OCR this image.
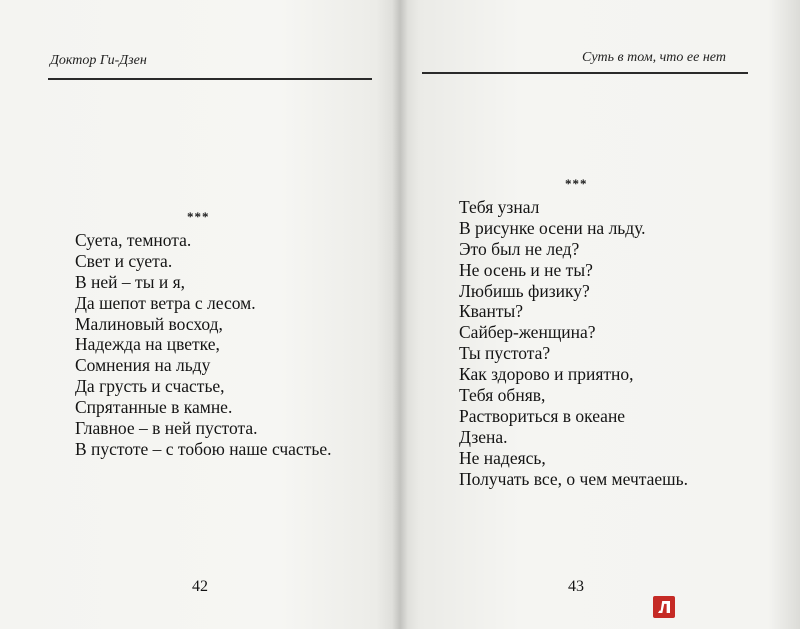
Доктор Ги-Дзен
***
Суета, темнота.
Свет и суета.
В ней – ты и я,
Да шепот ветра с лесом.
Малиновый восход,
Надежда на цветке,
Сомнения на льду
Да грусть и счастье,
Спрятанные в камне.
Главное – в ней пустота.
В пустоте – с тобою наше счастье.
42
Суть в том, что ее нет
***
Тебя узнал
В рисунке осени на льду.
Это был не лед?
Не осень и не ты?
Любишь физику?
Кванты?
Сайбер-женщина?
Ты пустота?
Как здорово и приятно,
Тебя обняв,
Раствориться в океане
Дзена.
Не надеясь,
Получать все, о чем мечтаешь.
43
